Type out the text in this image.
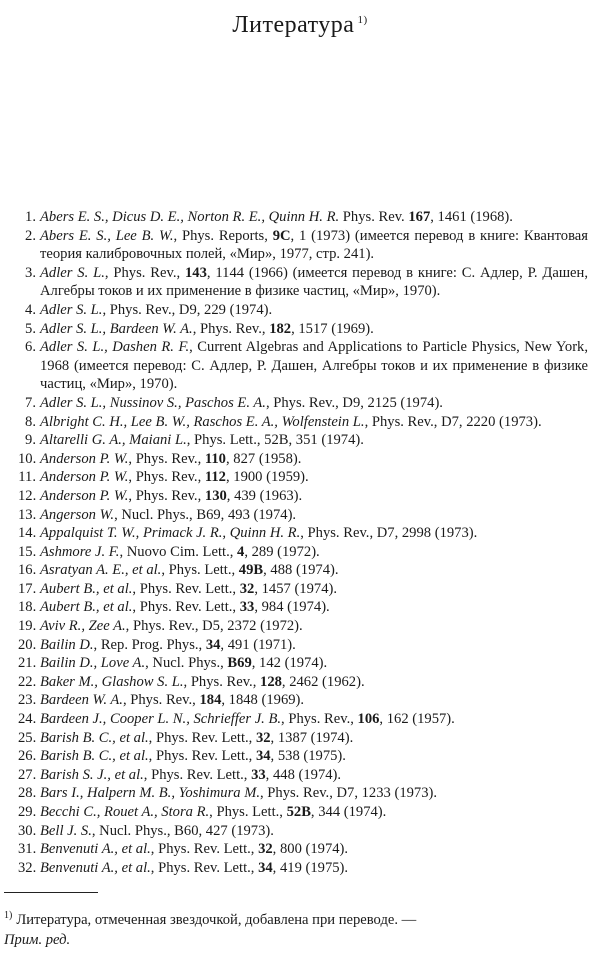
Литература $^{1)}$
1. Abers E. S., Dicus D. E., Norton R. E., Quinn H. R. Phys. Rev. 167, 1461 (1968).
2. Abers E. S., Lee B. W., Phys. Reports, 9C, 1 (1973) (имеется перевод в книге: Квантовая теория калибровочных полей, «Мир», 1977, стр. 241).
3. Adler S. L., Phys. Rev., 143, 1144 (1966) (имеется перевод в книге: С. Адлер, Р. Дашен, Алгебры токов и их применение в физике частиц, «Мир», 1970).
4. Adler S. L., Phys. Rev., D9, 229 (1974).
5. Adler S. L., Bardeen W. A., Phys. Rev., 182, 1517 (1969).
6. Adler S. L., Dashen R. F., Current Algebras and Applications to Particle Physics, New York, 1968 (имеется перевод: С. Адлер, Р. Дашен, Алгебры токов и их применение в физике частиц, «Мир», 1970).
7. Adler S. L., Nussinov S., Paschos E. A., Phys. Rev., D9, 2125 (1974).
8. Albright C. H., Lee B. W., Raschos E. A., Wolfenstein L., Phys. Rev., D7, 2220 (1973).
9. Altarelli G. A., Maiani L., Phys. Lett., 52B, 351 (1974).
10. Anderson P. W., Phys. Rev., 110, 827 (1958).
11. Anderson P. W., Phys. Rev., 112, 1900 (1959).
12. Anderson P. W., Phys. Rev., 130, 439 (1963).
13. Angerson W., Nucl. Phys., B69, 493 (1974).
14. Appalquist T. W., Primack J. R., Quinn H. R., Phys. Rev., D7, 2998 (1973).
15. Ashmore J. F., Nuovo Cim. Lett., 4, 289 (1972).
16. Asratyan A. E., et al., Phys. Lett., 49B, 488 (1974).
17. Aubert B., et al., Phys. Rev. Lett., 32, 1457 (1974).
18. Aubert B., et al., Phys. Rev. Lett., 33, 984 (1974).
19. Aviv R., Zee A., Phys. Rev., D5, 2372 (1972).
20. Bailin D., Rep. Prog. Phys., 34, 491 (1971).
21. Bailin D., Love A., Nucl. Phys., B69, 142 (1974).
22. Baker M., Glashow S. L., Phys. Rev., 128, 2462 (1962).
23. Bardeen W. A., Phys. Rev., 184, 1848 (1969).
24. Bardeen J., Cooper L. N., Schrieffer J. B., Phys. Rev., 106, 162 (1957).
25. Barish B. C., et al., Phys. Rev. Lett., 32, 1387 (1974).
26. Barish B. C., et al., Phys. Rev. Lett., 34, 538 (1975).
27. Barish S. J., et al., Phys. Rev. Lett., 33, 448 (1974).
28. Bars I., Halpern M. B., Yoshimura M., Phys. Rev., D7, 1233 (1973).
29. Becchi C., Rouet A., Stora R., Phys. Lett., 52B, 344 (1974).
30. Bell J. S., Nucl. Phys., B60, 427 (1973).
31. Benvenuti A., et al., Phys. Rev. Lett., 32, 800 (1974).
32. Benvenuti A., et al., Phys. Rev. Lett., 34, 419 (1975).
$^{1)}$ Литература, отмеченная звездочкой, добавлена при переводе. —
Прим. ред.
